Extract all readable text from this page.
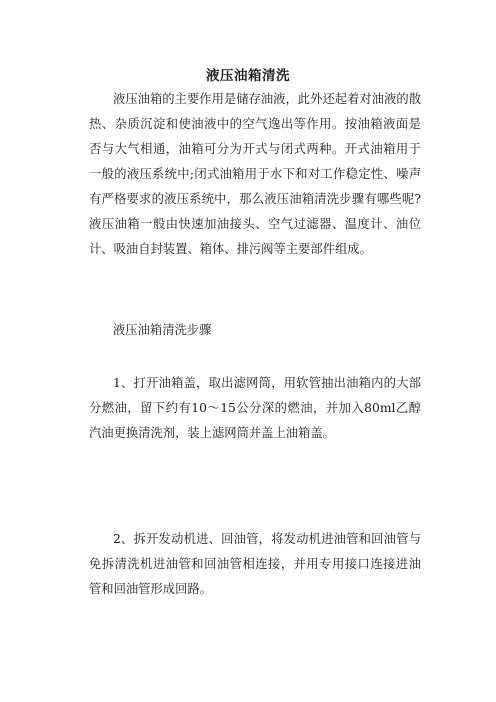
液压油箱清洗

液压油箱的主要作用是储存油液，此外还起着对油液的散热、杂质沉淀和使油液中的空气逸出等作用。按油箱液面是否与大气相通，油箱可分为开式与闭式两种。开式油箱用于一般的液压系统中;闭式油箱用于水下和对工作稳定性、噪声有严格要求的液压系统中，那么液压油箱清洗步骤有哪些呢?液压油箱一般由快速加油接头、空气过滤器、温度计、油位计、吸油自封装置、箱体、排污阀等主要部件组成。

液压油箱清洗步骤

1、打开油箱盖，取出滤网筒，用软管抽出油箱内的大部分燃油，留下约有10～15公分深的燃油，并加入80ml乙醇汽油更换清洗剂，装上滤网筒并盖上油箱盖。

2、拆开发动机进、回油管，将发动机进油管和回油管与免拆清洗机进油管和回油管相连接，并用专用接口连接进油管和回油管形成回路。
